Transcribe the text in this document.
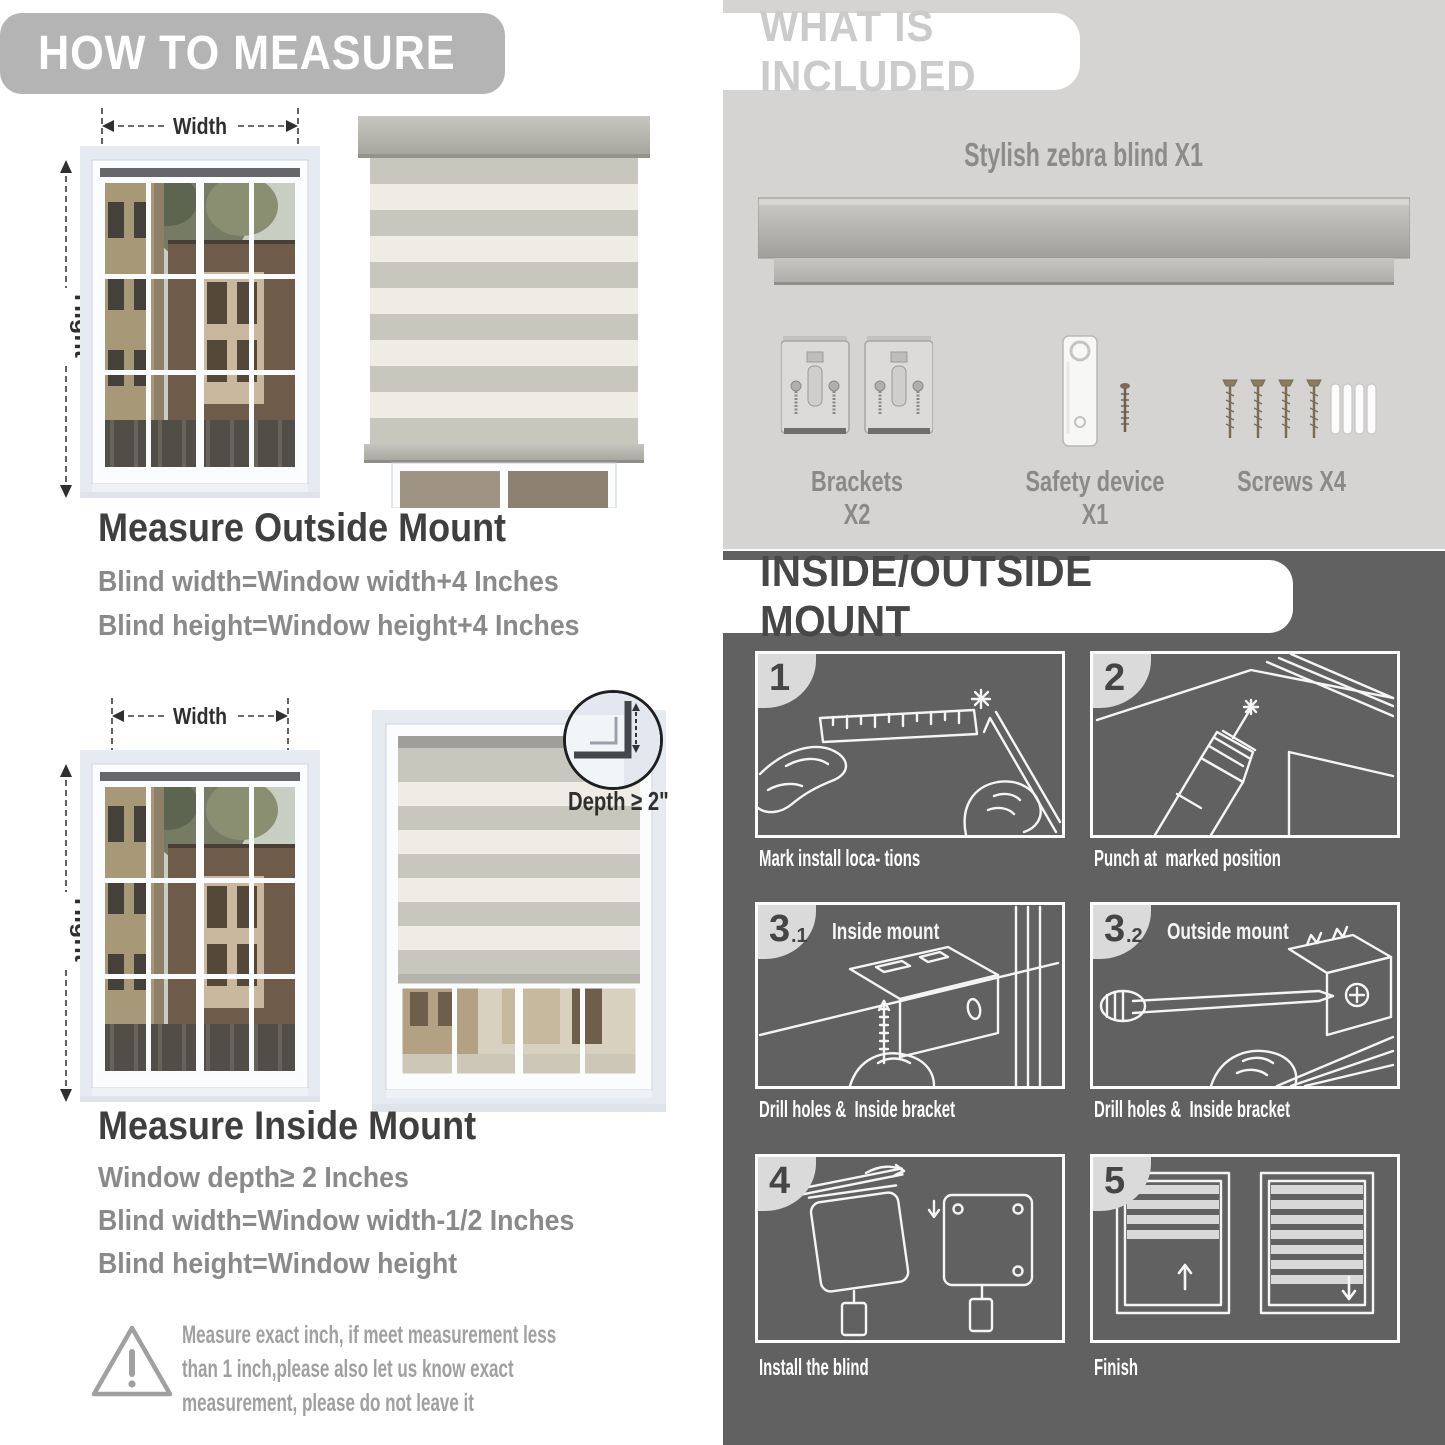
HOW TO MEASURE
Width
Measure Outside Mount
Blind width=Window width+4 Inches
Blind height=Window height+4 Inches
Width
Depth ≥ 2"
Measure Inside Mount
Window depth≥ 2 Inches
Blind width=Window width-1/2 Inches
Blind height=Window height
Measure exact inch, if meet measurement less
than 1 inch,please also let us know exact
measurement, please do not leave it
WHAT IS INCLUDED
Stylish zebra blind X1
Brackets X2
Safety device X1
Screws X4
INSIDE/OUTSIDE MOUNT
1	2
Mark install loca- tions	Punch at  marked position
3 .1 Inside mount	3 .2 Outside mount
Drill holes &  Inside bracket	Drill holes &  Inside bracket
4	5
Install the blind	Finish
